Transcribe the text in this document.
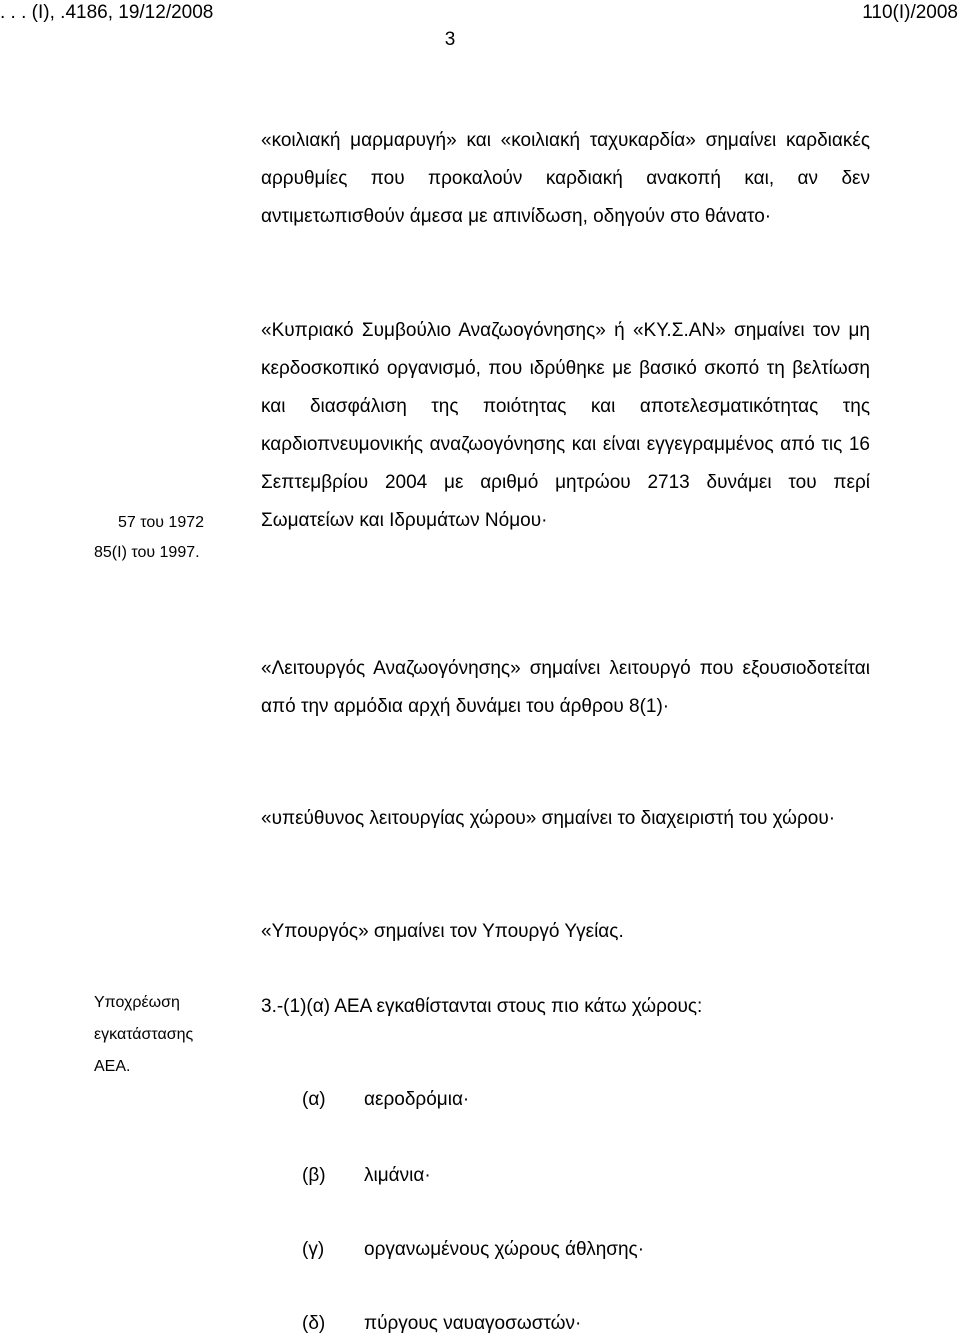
. . . (Ι), .4186, 19/12/2008	110(I)/2008
3
«κοιλιακή μαρμαρυγή» και «κοιλιακή ταχυκαρδία» σημαίνει καρδιακές αρρυθμίες που προκαλούν καρδιακή ανακοπή και, αν δεν αντιμετωπισθούν άμεσα με απινίδωση, οδηγούν στο θάνατο·
«Κυπριακό Συμβούλιο Αναζωογόνησης» ή «ΚΥ.Σ.ΑΝ» σημαίνει τον μη κερδοσκοπικό οργανισμό, που ιδρύθηκε με βασικό σκοπό τη βελτίωση και διασφάλιση της ποιότητας και αποτελεσματικότητας της καρδιοπνευμονικής αναζωογόνησης και είναι εγγεγραμμένος από τις 16 Σεπτεμβρίου 2004 με αριθμό μητρώου 2713 δυνάμει του περί Σωματείων και Ιδρυμάτων Νόμου·
57 του 1972
85(Ι) του 1997.
«Λειτουργός Αναζωογόνησης» σημαίνει λειτουργό που εξουσιοδοτείται από την αρμόδια αρχή δυνάμει του άρθρου 8(1)·
«υπεύθυνος λειτουργίας χώρου» σημαίνει το διαχειριστή του χώρου·
«Υπουργός» σημαίνει τον Υπουργό Υγείας.
Υποχρέωση
εγκατάστασης
ΑΕΑ.
3.-(1)(α) ΑΕΑ εγκαθίστανται στους πιο κάτω χώρους:
(α) αεροδρόμια·
(β) λιμάνια·
(γ) οργανωμένους χώρους άθλησης·
(δ) πύργους ναυαγοσωστών·
